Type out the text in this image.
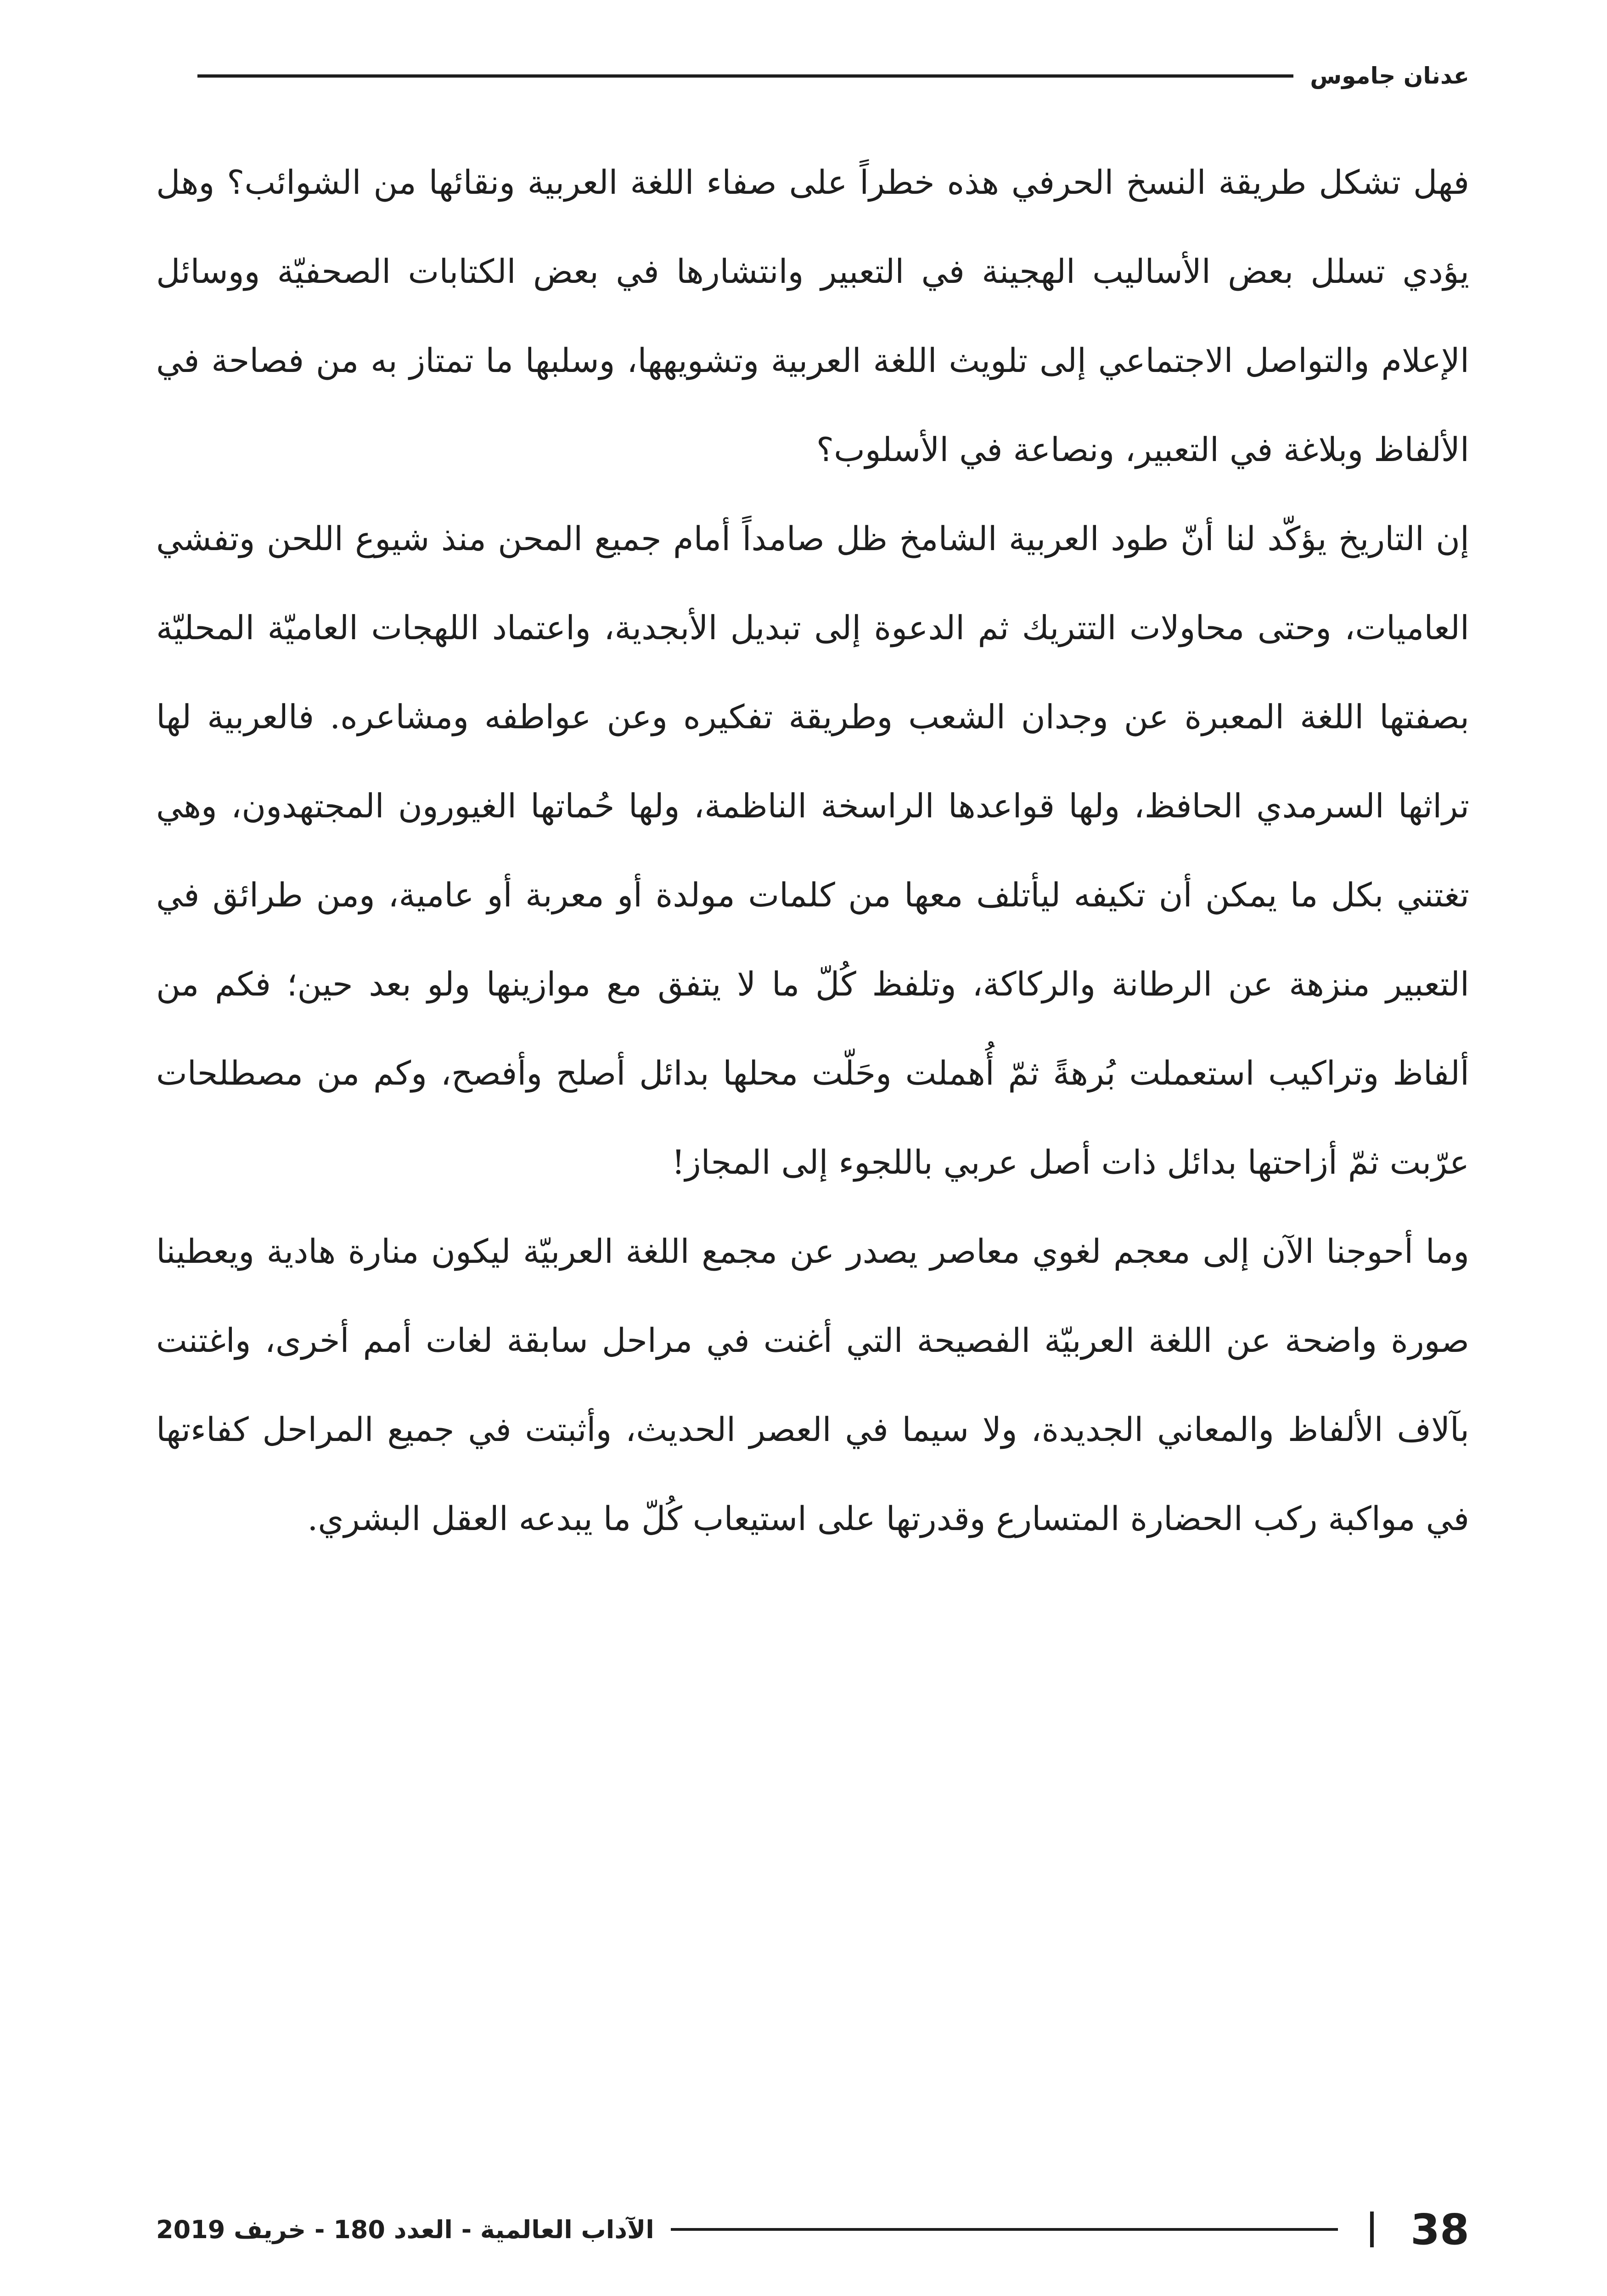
عدنان جاموس

فهل تشكل طريقة النسخ الحرفي هذه خطراً على صفاء اللغة العربية ونقائها من الشوائب؟ وهل يؤدي تسلل بعض الأساليب الهجينة في التعبير وانتشارها في بعض الكتابات الصحفيّة ووسائل الإعلام والتواصل الاجتماعي إلى تلويث اللغة العربية وتشويهها، وسلبها ما تمتاز به من فصاحة في الألفاظ وبلاغة في التعبير، ونصاعة في الأسلوب؟

إن التاريخ يؤكّد لنا أنّ طود العربية الشامخ ظل صامداً أمام جميع المحن منذ شيوع اللحن وتفشي العاميات، وحتى محاولات التتريك ثم الدعوة إلى تبديل الأبجدية، واعتماد اللهجات العاميّة المحليّة بصفتها اللغة المعبرة عن وجدان الشعب وطريقة تفكيره وعن عواطفه ومشاعره. فالعربية لها تراثها السرمدي الحافظ، ولها قواعدها الراسخة الناظمة، ولها حُماتها الغيورون المجتهدون، وهي تغتني بكل ما يمكن أن تكيفه ليأتلف معها من كلمات مولدة أو معربة أو عامية، ومن طرائق في التعبير منزهة عن الرطانة والركاكة، وتلفظ كُلّ ما لا يتفق مع موازينها ولو بعد حين؛ فكم من ألفاظ وتراكيب استعملت بُرهةً ثمّ أُهملت وحَلّت محلها بدائل أصلح وأفصح، وكم من مصطلحات عرّبت ثمّ أزاحتها بدائل ذات أصل عربي باللجوء إلى المجاز!

وما أحوجنا الآن إلى معجم لغوي معاصر يصدر عن مجمع اللغة العربيّة ليكون منارة هادية ويعطينا صورة واضحة عن اللغة العربيّة الفصيحة التي أغنت في مراحل سابقة لغات أمم أخرى، واغتنت بآلاف الألفاظ والمعاني الجديدة، ولا سيما في العصر الحديث، وأثبتت في جميع المراحل كفاءتها في مواكبة ركب الحضارة المتسارع وقدرتها على استيعاب كُلّ ما يبدعه العقل البشري.

الآداب العالمية - العدد 180 - خريف 2019	38
